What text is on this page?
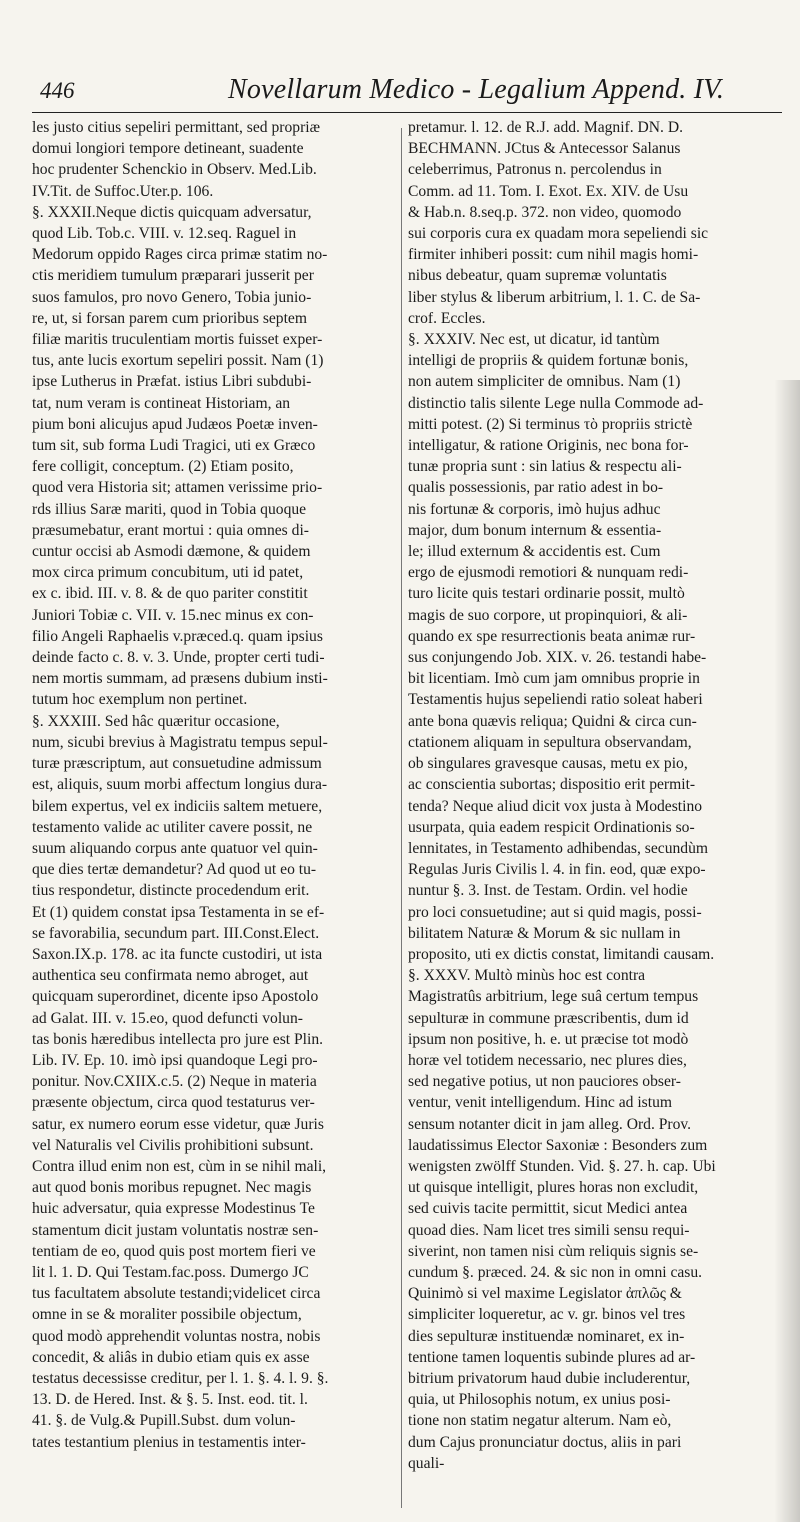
446	Novellarum Medico - Legalium Append. IV.
les justo citius sepeliri permittant, sed propriæ
domui longiori tempore detineant, suadente
hoc prudenter Schenckio in Observ. Med.Lib.
IV.Tit. de Suffoc.Uter.p. 106.
§. XXXII.Neque dictis quicquam adversatur,
quod Lib. Tob.c. VIII. v. 12.seq. Raguel in
Medorum oppido Rages circa primæ statim no-
ctis meridiem tumulum præparari jusserit per
suos famulos, pro novo Genero, Tobia junio-
re, ut, si forsan parem cum prioribus septem
filiæ maritis truculentiam mortis fuisset exper-
tus, ante lucis exortum sepeliri possit. Nam (1)
ipse Lutherus in Præfat. istius Libri subdubi-
tat, num veram is contineat Historiam, an
pium boni alicujus apud Judæos Poetæ inven-
tum sit, sub forma Ludi Tragici, uti ex Græco
fere colligit, conceptum. (2) Etiam posito,
quod vera Historia sit; attamen verissime prio-
rds illius Saræ mariti, quod in Tobia quoque
præsumebatur, erant mortui : quia omnes di-
cuntur occisi ab Asmodi dæmone, & quidem
mox circa primum concubitum, uti id patet,
ex c. ibid. III. v. 8. & de quo pariter constitit
Juniori Tobiæ c. VII. v. 15.nec minus ex con-
filio Angeli Raphaelis v.præced.q. quam ipsius
deinde facto c. 8. v. 3. Unde, propter certi tudi-
nem mortis summam, ad præsens dubium insti-
tutum hoc exemplum non pertinet.
§. XXXIII. Sed hâc quæritur occasione,
num, sicubi brevius à Magistratu tempus sepul-
turæ præscriptum, aut consuetudine admissum
est, aliquis, suum morbi affectum longius dura-
bilem expertus, vel ex indiciis saltem metuere,
testamento valide ac utiliter cavere possit, ne
suum aliquando corpus ante quatuor vel quin-
que dies tertæ demandetur? Ad quod ut eo tu-
tius respondetur, distincte procedendum erit.
Et (1) quidem constat ipsa Testamenta in se ef-
se favorabilia, secundum part. III.Const.Elect.
Saxon.IX.p. 178. ac ita functe custodiri, ut ista
authentica seu confirmata nemo abroget, aut
quicquam superordinet, dicente ipso Apostolo
ad Galat. III. v. 15.eo, quod defuncti volun-
tas bonis hæredibus intellecta pro jure est Plin.
Lib. IV. Ep. 10. imò ipsi quandoque Legi pro-
ponitur. Nov.CXIIX.c.5. (2) Neque in materia
præsente objectum, circa quod testaturus ver-
satur, ex numero eorum esse videtur, quæ Juris
vel Naturalis vel Civilis prohibitioni subsunt.
Contra illud enim non est, cùm in se nihil mali,
aut quod bonis moribus repugnet. Nec magis
huic adversatur, quia expresse Modestinus Te
stamentum dicit justam voluntatis nostræ sen-
tentiam de eo, quod quis post mortem fieri ve
lit l. 1. D. Qui Testam.fac.poss. Dumergo JC
tus facultatem absolute testandi;videlicet circa
omne in se & moraliter possibile objectum,
quod modò apprehendit voluntas nostra, nobis
concedit, & aliâs in dubio etiam quis ex asse
testatus decessisse creditur, per l. 1. §. 4. l. 9. §.
13. D. de Hered. Inst. & §. 5. Inst. eod. tit. l.
41. §. de Vulg.& Pupill.Subst. dum volun-
tates testantium plenius in testamentis inter-
pretamur. l. 12. de R.J. add. Magnif. DN. D.
BECHMANN. JCtus & Antecessor Salanus
celeberrimus, Patronus n. percolendus in
Comm. ad 11. Tom. I. Exot. Ex. XIV. de Usu
& Hab.n. 8.seq.p. 372. non video, quomodo
sui corporis cura ex quadam mora sepeliendi sic
firmiter inhiberi possit: cum nihil magis homi-
nibus debeatur, quam supremæ voluntatis
liber stylus & liberum arbitrium, l. 1. C. de Sa-
crof. Eccles.
§. XXXIV. Nec est, ut dicatur, id tantùm
intelligi de propriis & quidem fortunæ bonis,
non autem simpliciter de omnibus. Nam (1)
distinctio talis silente Lege nulla Commode ad-
mitti potest. (2) Si terminus τὸ propriis strictè
intelligatur, & ratione Originis, nec bona for-
tunæ propria sunt : sin latius & respectu ali-
qualis possessionis, par ratio adest in bo-
nis fortunæ & corporis, imò hujus adhuc
major, dum bonum internum & essentia-
le; illud externum & accidentis est. Cum
ergo de ejusmodi remotiori & nunquam redi-
turo licite quis testari ordinarie possit, multò
magis de suo corpore, ut propinquiori, & ali-
quando ex spe resurrectionis beata animæ rur-
sus conjungendo Job. XIX. v. 26. testandi habe-
bit licentiam. Imò cum jam omnibus proprie in
Testamentis hujus sepeliendi ratio soleat haberi
ante bona quævis reliqua; Quidni & circa cun-
ctationem aliquam in sepultura observandam,
ob singulares gravesque causas, metu ex pio,
ac conscientia subortas; dispositio erit permit-
tenda? Neque aliud dicit vox justa à Modestino
usurpata, quia eadem respicit Ordinationis so-
lennitates, in Testamento adhibendas, secundùm
Regulas Juris Civilis l. 4. in fin. eod, quæ expo-
nuntur §. 3. Inst. de Testam. Ordin. vel hodie
pro loci consuetudine; aut si quid magis, possi-
bilitatem Naturæ & Morum & sic nullam in
proposito, uti ex dictis constat, limitandi causam.
§. XXXV. Multò minùs hoc est contra
Magistratûs arbitrium, lege suâ certum tempus
sepulturæ in commune præscribentis, dum id
ipsum non positive, h. e. ut præcise tot modò
horæ vel totidem necessario, nec plures dies,
sed negative potius, ut non pauciores obser-
ventur, venit intelligendum. Hinc ad istum
sensum notanter dicit in jam alleg. Ord. Prov.
laudatissimus Elector Saxoniæ : Besonders zum
wenigsten zwölff Stunden. Vid. §. 27. h. cap. Ubi
ut quisque intelligit, plures horas non excludit,
sed cuivis tacite permittit, sicut Medici antea
quoad dies. Nam licet tres simili sensu requi-
siverint, non tamen nisi cùm reliquis signis se-
cundum §. præced. 24. & sic non in omni casu.
Quinimò si vel maxime Legislator ἀπλῶς &
simpliciter loqueretur, ac v. gr. binos vel tres
dies sepulturæ instituendæ nominaret, ex in-
tentione tamen loquentis subinde plures ad ar-
bitrium privatorum haud dubie includerentur,
quia, ut Philosophis notum, ex unius posi-
tione non statim negatur alterum. Nam eò,
dum Cajus pronunciatur doctus, aliis in pari
quali-
